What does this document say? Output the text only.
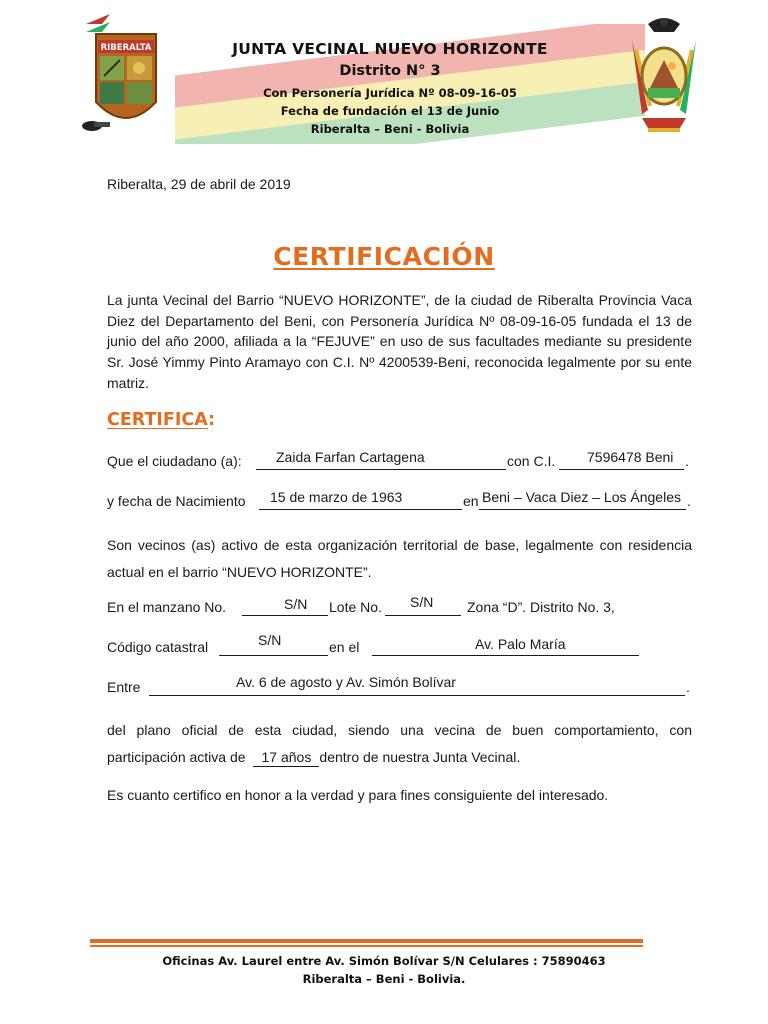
RIBERALTA	JUNTA VECINAL NUEVO HORIZONTE
Distrito N° 3
Con Personería Jurídica Nº 08-09-16-05
Fecha de fundación el 13 de Junio
Riberalta – Beni - Bolivia
Riberalta, 29 de abril de 2019
CERTIFICACIÓN
La junta Vecinal del Barrio “NUEVO HORIZONTE”, de la ciudad de Riberalta Provincia Vaca Diez del Departamento del Beni, con Personería Jurídica Nº 08-09-16-05 fundada el 13 de junio del año 2000, afiliada a la “FEJUVE” en uso de sus facultades mediante su presidente Sr. José Yimmy Pinto Aramayo con C.I. Nº 4200539-Beni, reconocida legalmente por su ente matriz.
CERTIFICA:
Que el ciudadano (a): Zaida Farfan Cartagena	con C.I. 7596478 Beni .
y fecha de Nacimiento 15 de marzo de 1963	en Beni – Vaca Diez – Los Ángeles .
Son vecinos (as) activo de esta organización territorial de base, legalmente con residencia actual en el barrio “NUEVO HORIZONTE”.
En el manzano No.	S/N Lote No. S/N Zona “D”. Distrito No. 3,
Código catastral	S/N	en el	Av. Palo María
Entre	Av. 6 de agosto y Av. Simón Bolívar	.
del plano oficial de esta ciudad, siendo una vecina de buen comportamiento, con
participación activa de 17 años dentro de nuestra Junta Vecinal.
Es cuanto certifico en honor a la verdad y para fines consiguiente del interesado.
Oficinas Av. Laurel entre Av. Simón Bolívar S/N Celulares : 75890463
Riberalta – Beni - Bolivia.
